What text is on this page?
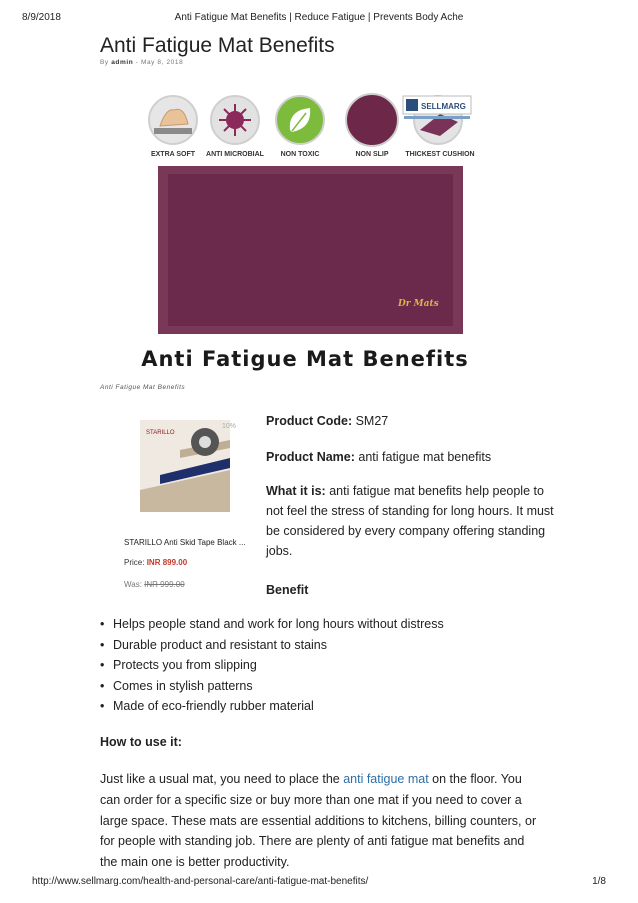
8/9/2018	Anti Fatigue Mat Benefits | Reduce Fatigue | Prevents Body Ache
Anti Fatigue Mat Benefits
By admin - May 8, 2018
EXTRA SOFT ANTI MICROBIAL NON TOXIC	NON SLIP THICKEST CUSHION
SELLMARG
Dr Mats
Anti Fatigue Mat Benefits
Anti Fatigue Mat Benefits
STARILLO
10%
STARILLO Anti Skid Tape Black ...
Price: INR 899.00
Was: INR 999.00
Product Code: SM27
Product Name: anti fatigue mat benefits
What it is: anti fatigue mat benefits help people to not feel the stress of standing for long hours. It must be considered by every company offering standing jobs.
Benefit
• Helps people stand and work for long hours without distress
• Durable product and resistant to stains
• Protects you from slipping
• Comes in stylish patterns
• Made of eco-friendly rubber material
How to use it:
Just like a usual mat, you need to place the anti fatigue mat on the floor. You can order for a specific size or buy more than one mat if you need to cover a large space. These mats are essential additions to kitchens, billing counters, or for people with standing job. There are plenty of anti fatigue mat benefits and the main one is better productivity.
http://www.sellmarg.com/health-and-personal-care/anti-fatigue-mat-benefits/	1/8
